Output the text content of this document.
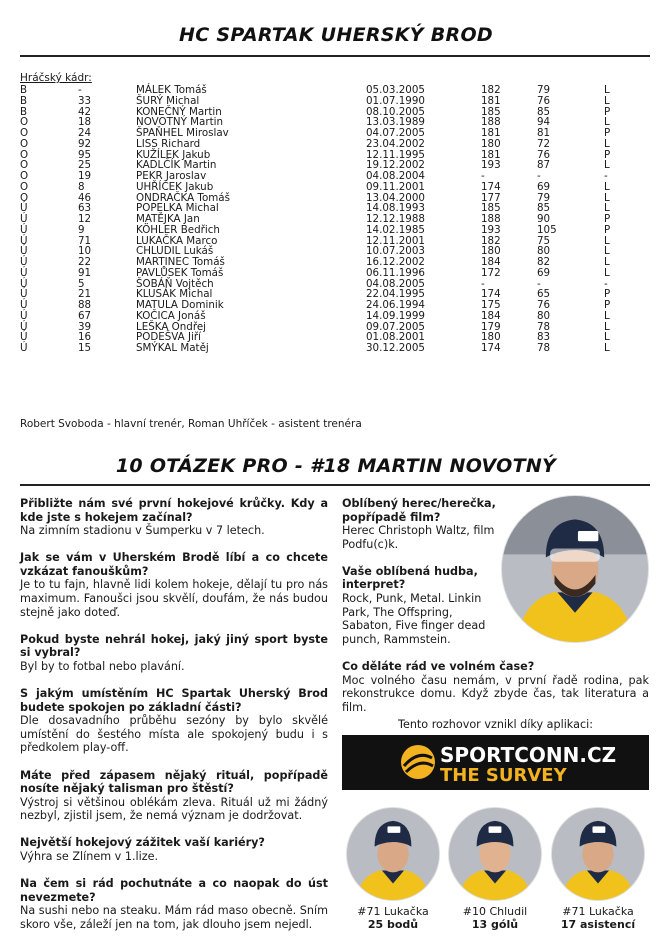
HC SPARTAK UHERSKÝ BROD
Hráčský kádr:
B	-	MÁLEK Tomáš	05.03.2005	182	79	L
B	33	ŠURÝ Michal	01.07.1990	181	76	L
B	42	KONEČNÝ Martin	08.10.2005	185	85	P
O	18	NOVOTNÝ Martin	13.03.1989	188	94	L
O	24	ŠPAŇHEL Miroslav	04.07.2005	181	81	P
O	92	LISS Richard	23.04.2002	180	72	L
O	95	KUŽÍLEK Jakub	12.11.1995	181	76	P
O	25	KADLČÍK Martin	19.12.2002	193	87	L
O	19	PEKR Jaroslav	04.08.2004	-	-	-
O	8	UHŘÍČEK Jakub	09.11.2001	174	69	L
O	46	ONDRAČKA Tomáš	13.04.2000	177	79	L
Ú	63	POPELKA Michal	14.08.1993	185	85	L
Ú	12	MATĚJKA Jan	12.12.1988	188	90	P
Ú	9	KÖHLER Bedřich	14.02.1985	193	105	P
Ú	71	LUKAČKA Marco	12.11.2001	182	75	L
Ú	10	CHLUDIL Lukáš	10.07.2003	180	80	L
Ú	22	MARTINEC Tomáš	16.12.2002	184	82	L
Ú	91	PAVLŮSEK Tomáš	06.11.1996	172	69	L
Ú	5	ŠOBÁŇ Vojtěch	04.08.2005	-	-	-
Ú	21	KLUSÁK Michal	22.04.1995	174	65	P
Ú	88	MATULA Dominik	24.06.1994	175	76	P
Ú	67	KOČICA Jonáš	14.09.1999	184	80	L
Ú	39	LEŠKA Ondřej	09.07.2005	179	78	L
Ú	16	PODEŠVA Jiří	01.08.2001	180	83	L
Ú	15	SMÝKAL Matěj	30.12.2005	174	78	L
Robert Svoboda - hlavní trenér, Roman Uhříček - asistent trenéra
10 OTÁZEK PRO - #18 MARTIN NOVOTNÝ
Přibližte nám své první hokejové krůčky. Kdy a kde jste s hokejem začínal?
Na zimním stadionu v Šumperku v 7 letech.
Jak se vám v Uherském Brodě líbí a co chcete vzkázat fanouškům?
Je to tu fajn, hlavně lidi kolem hokeje, dělají tu pro nás maximum. Fanoušci jsou skvělí, doufám, že nás budou stejně jako doteď.
Pokud byste nehrál hokej, jaký jiný sport byste si vybral?
Byl by to fotbal nebo plavání.
S jakým umístěním HC Spartak Uherský Brod budete spokojen po základní části?
Dle dosavadního průběhu sezóny by bylo skvělé umístění do šestého místa ale spokojený budu i s předkolem play-off.
Máte před zápasem nějaký rituál, popřípadě nosíte nějaký talisman pro štěstí?
Výstroj si většinou oblékám zleva. Rituál už mi žádný nezbyl, zjistil jsem, že nemá význam je dodržovat.
Největší hokejový zážitek vaší kariéry?
Výhra se Zlínem v 1.lize.
Na čem si rád pochutnáte a co naopak do úst nevezmete?
Na sushi nebo na steaku. Mám rád maso obecně. Sním skoro vše, záleží jen na tom, jak dlouho jsem nejedl.
Oblíbený herec/herečka, popřípadě film?
Herec Christoph Waltz, film Podfu(c)k.
Vaše oblíbená hudba, interpret?
Rock, Punk, Metal. Linkin Park, The Offspring, Sabaton, Five finger dead punch, Rammstein.
Co děláte rád ve volném čase?
Moc volného času nemám, v první řadě rodina, pak rekonstrukce domu. Když zbyde čas, tak literatura a film.
Tento rozhovor vznikl díky aplikaci:
SPORTCONN.CZ
THE SURVEY
#71 Lukačka
25 bodů
#10 Chludil
13 gólů
#71 Lukačka
17 asistencí
